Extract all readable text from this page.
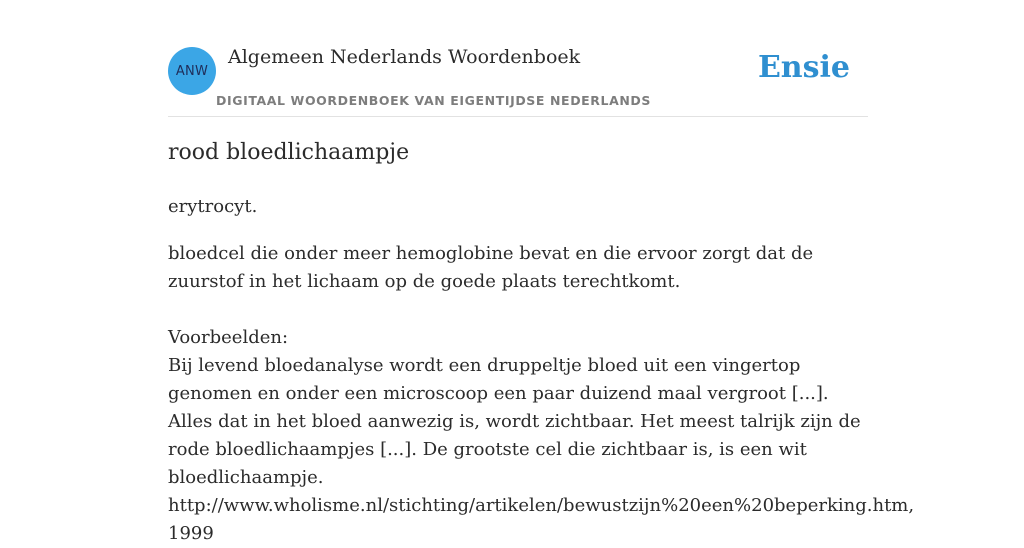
ANW
Algemeen Nederlands Woordenboek
DIGITAAL WOORDENBOEK VAN EIGENTIJDSE NEDERLANDS
Ensie
rood bloedlichaampje

erytrocyt.

bloedcel die onder meer hemoglobine bevat en die ervoor zorgt dat de zuurstof in het lichaam op de goede plaats terechtkomt.

Voorbeelden:
Bij levend bloedanalyse wordt een druppeltje bloed uit een vingertop genomen en onder een microscoop een paar duizend maal vergroot [...]. Alles dat in het bloed aanwezig is, wordt zichtbaar. Het meest talrijk zijn de rode bloedlichaampjes [...]. De grootste cel die zichtbaar is, is een wit bloedlichaampje.
http://www.wholisme.nl/stichting/artikelen/bewustzijn%20een%20beperking.htm, 1999
